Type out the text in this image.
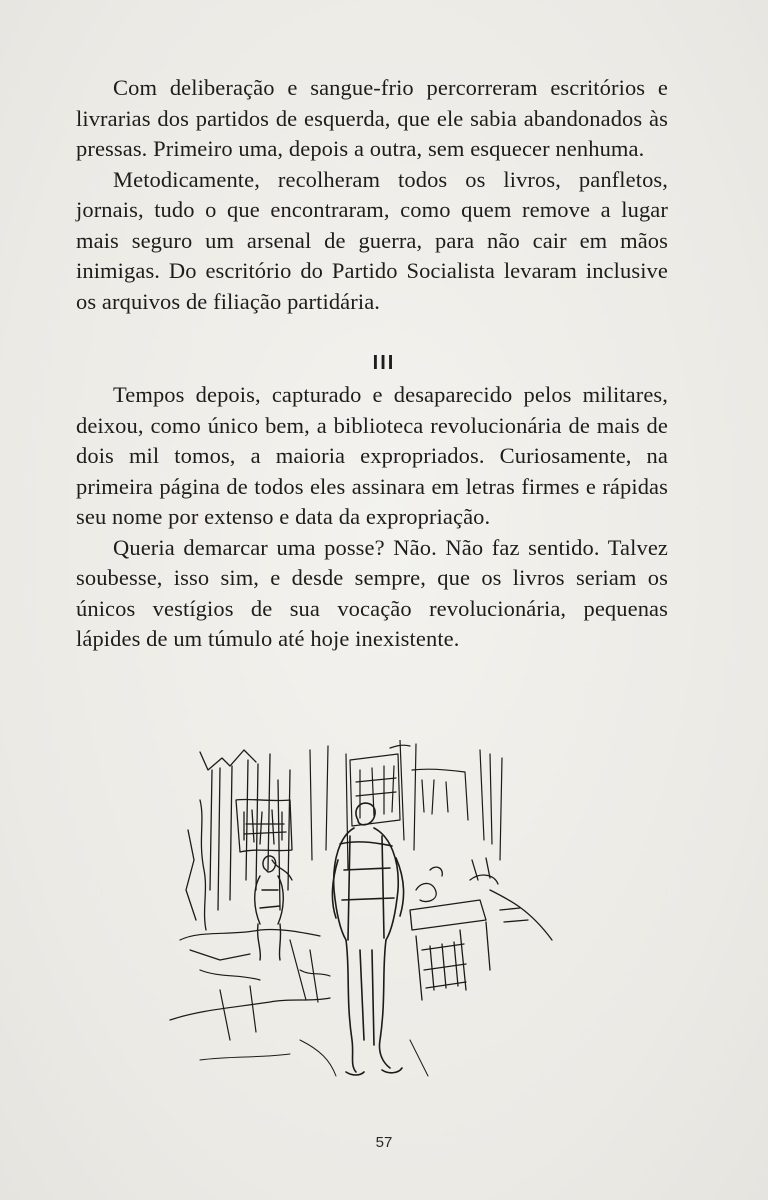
Com deliberação e sangue-frio percorreram escritórios e livrarias dos partidos de esquerda, que ele sabia abandonados às pressas. Primeiro uma, depois a outra, sem esquecer nenhuma.

Metodicamente, recolheram todos os livros, panfletos, jornais, tudo o que encontraram, como quem remove a lugar mais seguro um arsenal de guerra, para não cair em mãos inimigas. Do escritório do Partido Socialista levaram inclusive os arquivos de filiação partidária.

III

Tempos depois, capturado e desaparecido pelos militares, deixou, como único bem, a biblioteca revolucionária de mais de dois mil tomos, a maioria expropriados. Curiosamente, na primeira página de todos eles assinara em letras firmes e rápidas seu nome por extenso e data da expropriação.

Queria demarcar uma posse? Não. Não faz sentido. Talvez soubesse, isso sim, e desde sempre, que os livros seriam os únicos vestígios de sua vocação revolucionária, pequenas lápides de um túmulo até hoje inexistente.

57
